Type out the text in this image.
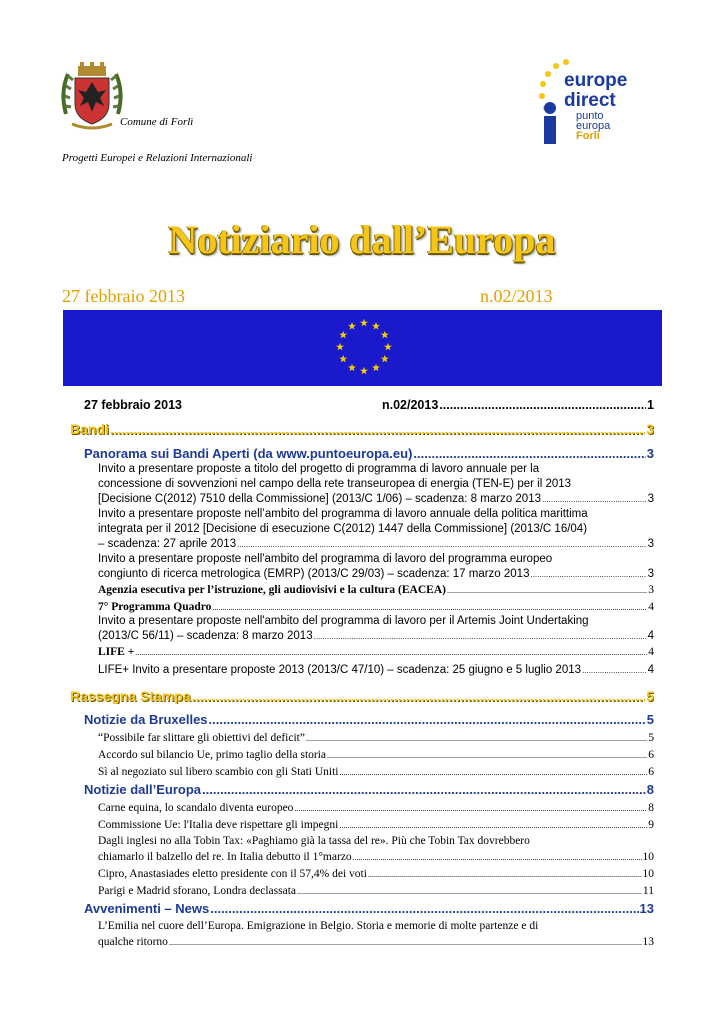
Comune di Forlì
Progetti Europei e Relazioni Internazionali
europe
direct
punto
europa
Forlì
Notiziario dall’Europa
27 febbraio 2013	n.02/2013
27 febbraio 2013	n.02/2013 .....	1
Bandi .....	3
Panorama sui Bandi Aperti (da www.puntoeuropa.eu) .....	3
Invito a presentare proposte a titolo del progetto di programma di lavoro annuale per la
concessione di sovvenzioni nel campo della rete transeuropea di energia (TEN-E) per il 2013
[Decisione C(2012) 7510 della Commissione] (2013/C 1/06) – scadenza: 8 marzo 2013 .....	3
Invito a presentare proposte nell’ambito del programma di lavoro annuale della politica marittima
integrata per il 2012 [Decisione di esecuzione C(2012) 1447 della Commissione] (2013/C 16/04)
– scadenza: 27 aprile 2013 .....	3
Invito a presentare proposte nell'ambito del programma di lavoro del programma europeo
congiunto di ricerca metrologica (EMRP) (2013/C 29/03) – scadenza: 17 marzo 2013 .....	3
Agenzia esecutiva per l’istruzione, gli audiovisivi e la cultura (EACEA) .....	3
7° Programma Quadro .....	4
Invito a presentare proposte nell'ambito del programma di lavoro per il Artemis Joint Undertaking
(2013/C 56/11) – scadenza: 8 marzo 2013 .....	4
LIFE + .....	4
LIFE+ Invito a presentare proposte 2013 (2013/C 47/10) – scadenza: 25 giugno e 5 luglio 2013 .....	4
Rassegna Stampa .....	5
Notizie da Bruxelles .....	5
“Possibile far slittare gli obiettivi del deficit” .....	5
Accordo sul bilancio Ue, primo taglio della storia .....	6
Sì al negoziato sul libero scambio con gli Stati Uniti .....	6
Notizie dall’Europa .....	8
Carne equina, lo scandalo diventa europeo .....	8
Commissione Ue: l'Italia deve rispettare gli impegni .....	9
Dagli inglesi no alla Tobin Tax: «Paghiamo già la tassa del re». Più che Tobin Tax dovrebbero
chiamarlo il balzello del re. In Italia debutto il 1°marzo .....	10
Cipro, Anastasiades eletto presidente con il 57,4% dei voti .....	10
Parigi e Madrid sforano, Londra declassata .....	11
Avvenimenti – News .....	13
L’Emilia nel cuore dell’Europa. Emigrazione in Belgio. Storia e memorie di molte partenze e di
qualche ritorno .....	13
